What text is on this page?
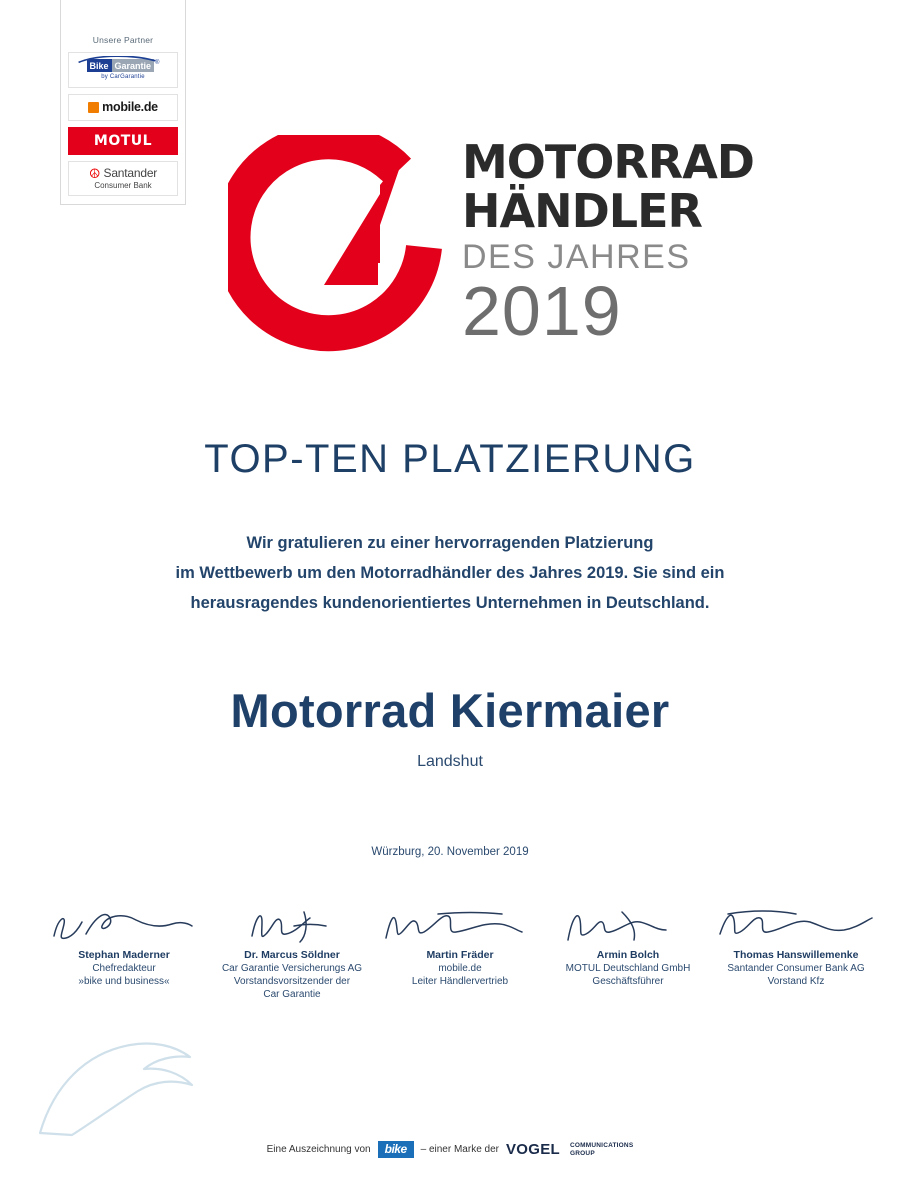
Unsere Partner
Bike Garantie ®
by CarGarantie
mobile.de
MOTUL
☮ Santander
Consumer Bank	MOTORRAD
HÄNDLER
DES JAHRES
2019
TOP-TEN PLATZIERUNG
Wir gratulieren zu einer hervorragenden Platzierung
im Wettbewerb um den Motorradhändler des Jahres 2019. Sie sind ein
herausragendes kundenorientiertes Unternehmen in Deutschland.
Motorrad Kiermaier
Landshut
Würzburg, 20. November 2019
Stephan Maderner
Chefredakteur
»bike und business«
Dr. Marcus Söldner
Car Garantie Versicherungs AG
Vorstandsvorsitzender der
Car Garantie
Martin Fräder
mobile.de
Leiter Händlervertrieb
Armin Bolch
MOTUL Deutschland GmbH
Geschäftsführer
Thomas Hanswillemenke
Santander Consumer Bank AG
Vorstand Kfz
Eine Auszeichnung von	bike	– einer Marke der VOGEL COMMUNICATIONS
GROUP
